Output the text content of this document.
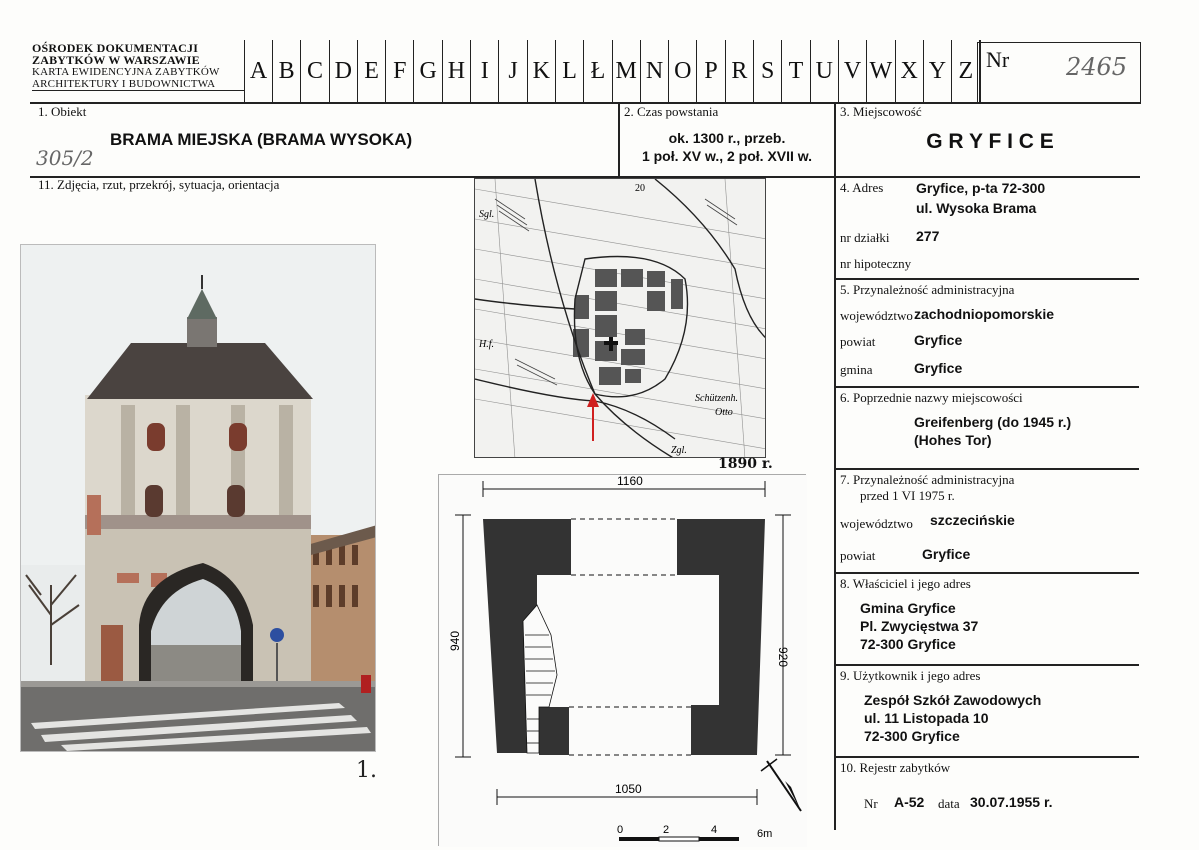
OŚRODEK DOKUMENTACJI
ZABYTKÓW W WARSZAWIE
KARTA EWIDENCYJNA ZABYTKÓW
ARCHITEKTURY I BUDOWNICTWA
A B C D E F G H I J K L Ł M N O P R S T U V W X Y Z Nr 2465
1. Obiekt
BRAMA MIEJSKA (BRAMA WYSOKA)
305/2
2. Czas powstania
ok. 1300 r., przeb.
1 poł. XV w., 2 poł. XVII w.
3. Miejscowość
G R Y F I C E
11. Zdjęcia, rzut, przekrój, sytuacja, orientacja
1.
Schützenh.
Otto
Zgl.
Sgl.
20
H.f.
1890 r.
1160
940
920
1050
0	2	4	6m
4. Adres Gryfice, p-ta 72-300
ul. Wysoka Brama
nr działki 277
nr hipoteczny
5. Przynależność administracyjna
województwo zachodniopomorskie
powiat	Gryfice
gmina	Gryfice
6. Poprzednie nazwy miejscowości
Greifenberg (do 1945 r.)
(Hohes Tor)
7. Przynależność administracyjna
przed 1 VI 1975 r.
województwo szczecińskie
powiat	Gryfice
8. Właściciel i jego adres
Gmina Gryfice
Pl. Zwycięstwa 37
72-300 Gryfice
9. Użytkownik i jego adres
Zespół Szkół Zawodowych
ul. 11 Listopada 10
72-300 Gryfice
10. Rejestr zabytków
Nr A-52 data 30.07.1955 r.
